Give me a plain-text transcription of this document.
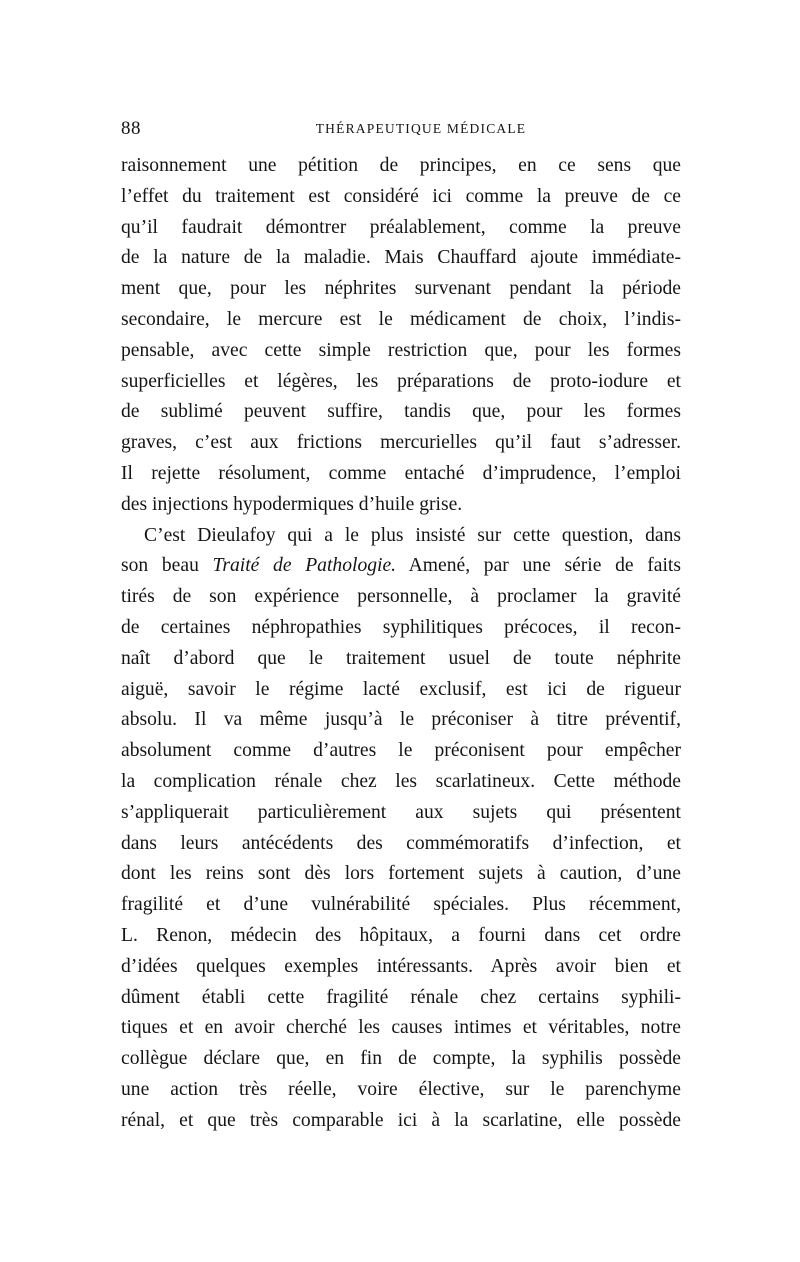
88	THÉRAPEUTIQUE MÉDICALE
raisonnement une pétition de principes, en ce sens que
l’effet du traitement est considéré ici comme la preuve de ce
qu’il faudrait démontrer préalablement, comme la preuve
de la nature de la maladie. Mais Chauffard ajoute immédiate-
ment que, pour les néphrites survenant pendant la période
secondaire, le mercure est le médicament de choix, l’indis-
pensable, avec cette simple restriction que, pour les formes
superficielles et légères, les préparations de proto-iodure et
de sublimé peuvent suffire, tandis que, pour les formes
graves, c’est aux frictions mercurielles qu’il faut s’adresser.
Il rejette résolument, comme entaché d’imprudence, l’emploi
des injections hypodermiques d’huile grise.
C’est Dieulafoy qui a le plus insisté sur cette question, dans
son beau Traité de Pathologie. Amené, par une série de faits
tirés de son expérience personnelle, à proclamer la gravité
de certaines néphropathies syphilitiques précoces, il recon-
naît d’abord que le traitement usuel de toute néphrite
aiguë, savoir le régime lacté exclusif, est ici de rigueur
absolu. Il va même jusqu’à le préconiser à titre préventif,
absolument comme d’autres le préconisent pour empêcher
la complication rénale chez les scarlatineux. Cette méthode
s’appliquerait particulièrement aux sujets qui présentent
dans leurs antécédents des commémoratifs d’infection, et
dont les reins sont dès lors fortement sujets à caution, d’une
fragilité et d’une vulnérabilité spéciales. Plus récemment,
L. Renon, médecin des hôpitaux, a fourni dans cet ordre
d’idées quelques exemples intéressants. Après avoir bien et
dûment établi cette fragilité rénale chez certains syphili-
tiques et en avoir cherché les causes intimes et véritables, notre
collègue déclare que, en fin de compte, la syphilis possède
une action très réelle, voire élective, sur le parenchyme
rénal, et que très comparable ici à la scarlatine, elle possède
